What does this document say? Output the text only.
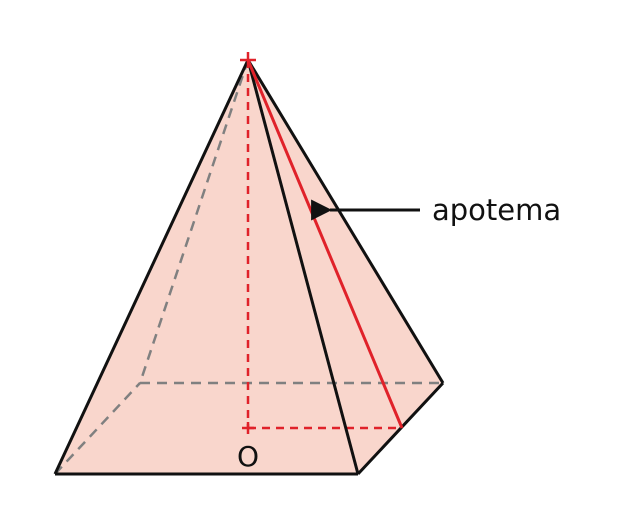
apotema
O
